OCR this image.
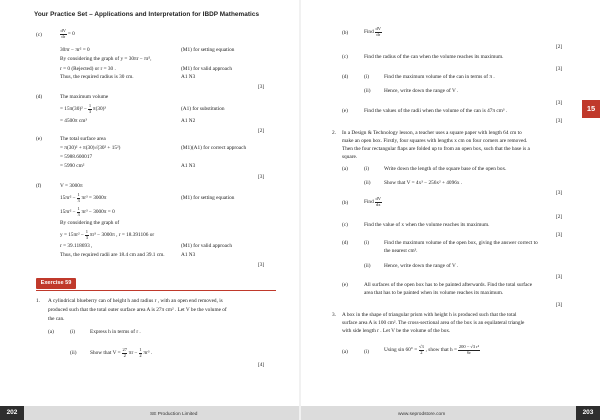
Your Practice Set – Applications and Interpretation for IBDP Mathematics
(c)	$\frac{dV}{dr} = 0$
30πr − πr² = 0	(M1) for setting equation
By considering the graph of y = 30πr − πr²,
r = 0 (Rejected) or r = 30 .	(M1) for valid approach
Thus, the required radius is 30 cm.	A1 N3
[3]
(d)	The maximum volume
= $15\pi(30)^2 - \frac{1}{3} \pi(30)^3$	(A1) for substitution
= 4500π cm³	A1 N2
[2]
(e)	The total surface area
= π(30)² + π(30)√(30² + 15²)	(M1)(A1) for correct approach
= 5988.600017
= 5990 cm²	A1 N3
[3]
(f)	V = 3000π
$15\pi r^2 - \frac{1}{3} \pi r^3 = 3000\pi$	(M1) for setting equation
$15\pi r^2 - \frac{1}{3} \pi r^3 - 3000\pi = 0$
By considering the graph of
$y = 15\pi r^2 - \frac{1}{3} \pi r^3 - 3000\pi$ , r = 18.391106 or
r = 39.118693 ,	(M1) for valid approach
Thus, the required radii are 18.4 cm and 39.1 cm.	A1 N3
[3]
1. A cylindrical blueberry can of height h and radius r , with an open end removed, is
produced such that the total outer surface area A is 27π cm² . Let V be the volume of
the can.
(a)	(i)	Express h in terms of r .
(ii)	Show that $V = \frac{27}{2}$ $\pi r - \frac{1}{2} \pi r^3$ .
[4]
Exercise 59
(b)	Find $\frac{dV}{dr}$
[2]
(c)	Find the radius of the can when the volume reaches its maximum.
[3]
(d)	(i)	Find the maximum volume of the can in terms of π .
(ii)	Hence, write down the range of V .
[3]
(e)	Find the values of the radii when the volume of the can is 47π cm³ .
[3]
2. In a Design & Technology lesson, a teacher uses a square paper with length 64 cm to
make an open box. Firstly, four squares with lengths x cm on four corners are removed.
Then the four rectangular flaps are folded up to from an open box, such that the base is a
square.
(a)	(i)	Write down the length of the square base of the open box.
(ii)	Show that V = 4x³ − 256x² + 4096x .
[3]
(b)	Find $\frac{dV}{dx}$
[2]
(c)	Find the value of x when the volume reaches its maximum.
[3]
(d)	(i)	Find the maximum volume of the open box, giving the answer correct to
the nearest cm³.
(ii)	Hence, write down the range of V .
[3]
(e)	All surfaces of the open box has to be painted afterwards. Find the total surface
area that has to be painted when its volume reaches its maximum.
[3]
3. A box in the shape of triangular prism with height h is produced such that the total
surface area A is 100 cm². The cross-sectional area of the box is an equilateral triangle
with side length r . Let V be the volume of the box.
(a)	(i)	Using $\sin 60^\circ = \frac{√3}{2}$ , show that $h = \frac{\text{200 − √3 r²}}{6r}$
15
202	203
SE Production Limited	www.seprodstore.com
